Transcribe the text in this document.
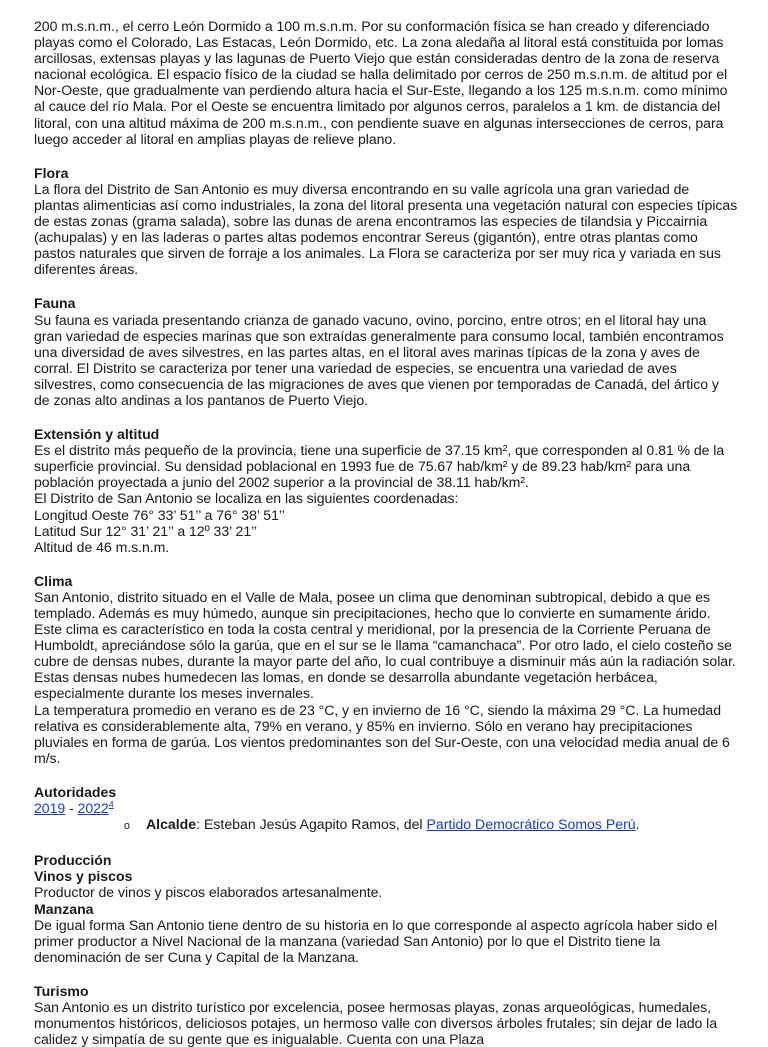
200 m.s.n.m., el cerro León Dormido a 100 m.s.n.m. Por su conformación física se han creado y diferenciado playas como el Colorado, Las Estacas, León Dormido, etc. La zona aledaña al litoral está constituida por lomas arcillosas, extensas playas y las lagunas de Puerto Viejo que están consideradas dentro de la zona de reserva nacional ecológica. El espacio físico de la ciudad se halla delimitado por cerros de 250 m.s.n.m. de altitud por el Nor-Oeste, que gradualmente van perdiendo altura hacia el Sur-Este, llegando a los 125 m.s.n.m. como mínimo al cauce del río Mala. Por el Oeste se encuentra limitado por algunos cerros, paralelos a 1 km. de distancia del litoral, con una altitud máxima de 200 m.s.n.m., con pendiente suave en algunas intersecciones de cerros, para luego acceder al litoral en amplias playas de relieve plano.

Flora

La flora del Distrito de San Antonio es muy diversa encontrando en su valle agrícola una gran variedad de plantas alimenticias así como industriales, la zona del litoral presenta una vegetación natural con especies típicas de estas zonas (grama salada), sobre las dunas de arena encontramos las especies de tilandsia y Piccairnia (achupalas) y en las laderas o partes altas podemos encontrar Sereus (gigantón), entre otras plantas como pastos naturales que sirven de forraje a los animales. La Flora se caracteriza por ser muy rica y variada en sus diferentes áreas.

Fauna

Su fauna es variada presentando crianza de ganado vacuno, ovino, porcino, entre otros; en el litoral hay una gran variedad de especies marinas que son extraídas generalmente para consumo local, también encontramos una diversidad de aves silvestres, en las partes altas, en el litoral aves marinas típicas de la zona y aves de corral. El Distrito se caracteriza por tener una variedad de especies, se encuentra una variedad de aves silvestres, como consecuencia de las migraciones de aves que vienen por temporadas de Canadá, del ártico y de zonas alto andinas a los pantanos de Puerto Viejo.

Extensión y altitud

Es el distrito más pequeño de la provincia, tiene una superficie de 37.15 km², que corresponden al 0.81 % de la superficie provincial. Su densidad poblacional en 1993 fue de 75.67 hab/km² y de 89.23 hab/km² para una población proyectada a junio del 2002 superior a la provincial de 38.11 hab/km².

El Distrito de San Antonio se localiza en las siguientes coordenadas:

Longitud Oeste 76° 33’ 51’’ a 76° 38’ 51’’

Latitud Sur 12° 31’ 21’’ a 12º 33’ 21’’

Altitud de 46 m.s.n.m.

Clima

San Antonio, distrito situado en el Valle de Mala, posee un clima que denominan subtropical, debido a que es templado. Además es muy húmedo, aunque sin precipitaciones, hecho que lo convierte en sumamente árido. Este clima es característico en toda la costa central y meridional, por la presencia de la Corriente Peruana de Humboldt, apreciándose sólo la garúa, que en el sur se le llama “camanchaca”. Por otro lado, el cielo costeño se cubre de densas nubes, durante la mayor parte del año, lo cual contribuye a disminuir más aún la radiación solar. Estas densas nubes humedecen las lomas, en donde se desarrolla abundante vegetación herbácea, especialmente durante los meses invernales.

La temperatura promedio en verano es de 23 °C, y en invierno de 16 °C, siendo la máxima 29 °C. La humedad relativa es considerablemente alta, 79% en verano, y 85% en invierno. Sólo en verano hay precipitaciones pluviales en forma de garúa. Los vientos predominantes son del Sur-Oeste, con una velocidad media anual de 6 m/s.

Autoridades

2019 - 2022$^4$

o	Alcalde: Esteban Jesús Agapito Ramos, del Partido Democrático Somos Perú.
Producción
Vinos y piscos

Productor de vinos y piscos elaborados artesanalmente.

Manzana

De igual forma San Antonio tiene dentro de su historia en lo que corresponde al aspecto agrícola haber sido el primer productor a Nivel Nacional de la manzana (variedad San Antonio) por lo que el Distrito tiene la denominación de ser Cuna y Capital de la Manzana.

Turismo

San Antonio es un distrito turístico por excelencia, posee hermosas playas, zonas arqueológicas, humedales, monumentos históricos, deliciosos potajes, un hermoso valle con diversos árboles frutales; sin dejar de lado la calidez y simpatía de su gente que es inigualable. Cuenta con una Plaza
